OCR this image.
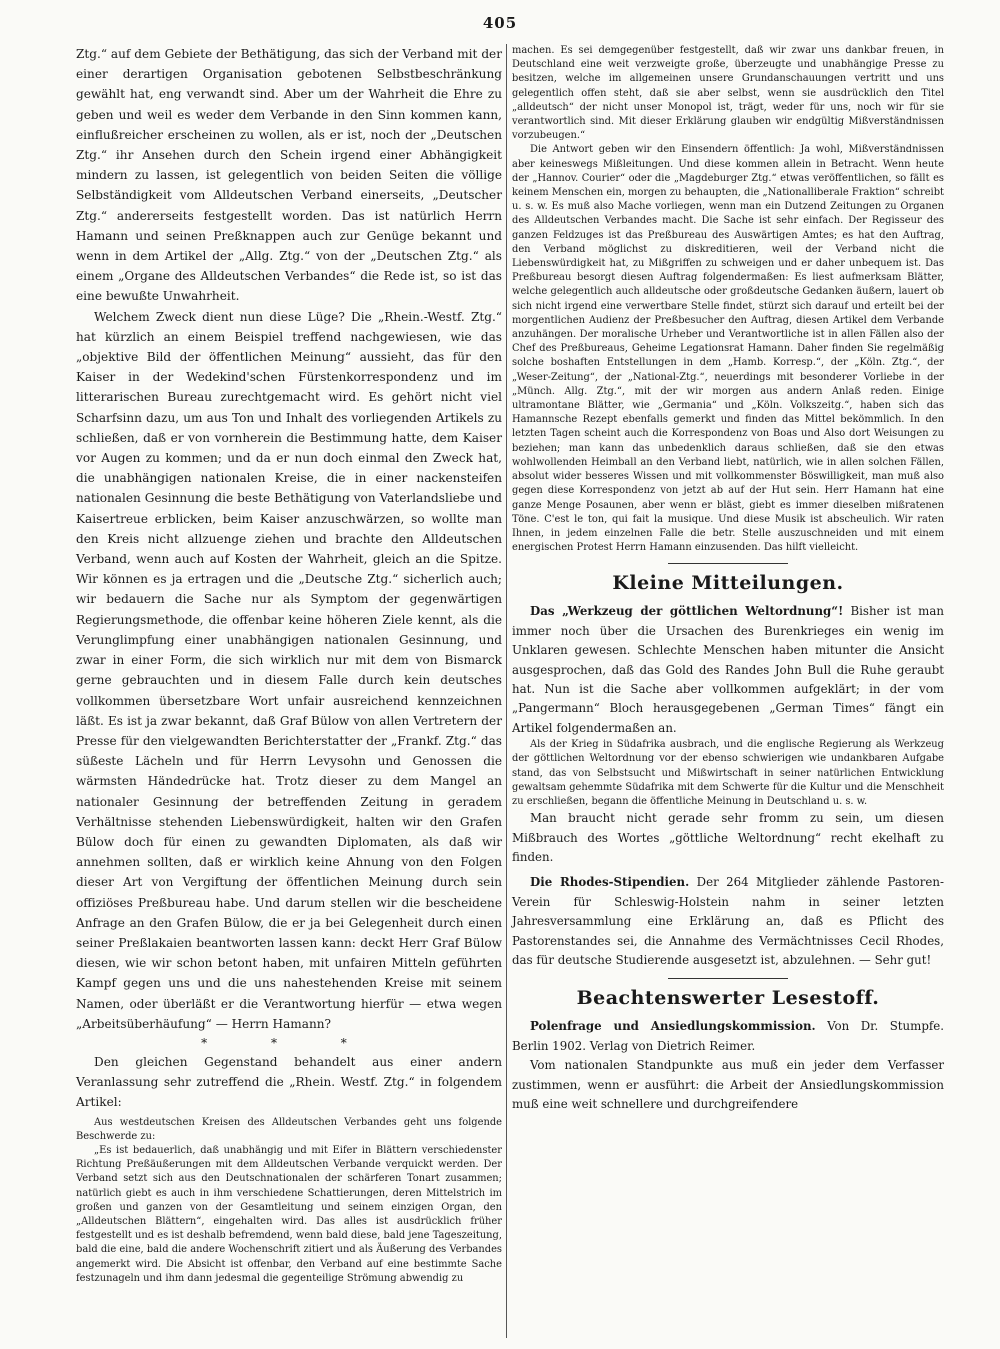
405

Ztg.“ auf dem Gebiete der Bethätigung, das sich der Verband mit der einer derartigen Organisation gebotenen Selbstbeschränkung gewählt hat, eng verwandt sind. Aber um der Wahrheit die Ehre zu geben und weil es weder dem Verbande in den Sinn kommen kann, einflußreicher erscheinen zu wollen, als er ist, noch der „Deutschen Ztg.“ ihr Ansehen durch den Schein irgend einer Abhängigkeit mindern zu lassen, ist gelegentlich von beiden Seiten die völlige Selbständigkeit vom Alldeutschen Verband einerseits, „Deutscher Ztg.“ andererseits festgestellt worden. Das ist natürlich Herrn Hamann und seinen Preßknappen auch zur Genüge bekannt und wenn in dem Artikel der „Allg. Ztg.“ von der „Deutschen Ztg.“ als einem „Organe des Alldeutschen Verbandes“ die Rede ist, so ist das eine bewußte Unwahrheit.

Welchem Zweck dient nun diese Lüge? Die „Rhein.-Westf. Ztg.“ hat kürzlich an einem Beispiel treffend nachgewiesen, wie das „objektive Bild der öffentlichen Meinung“ aussieht, das für den Kaiser in der Wedekind'schen Fürstenkorrespondenz und im litterarischen Bureau zurechtgemacht wird. Es gehört nicht viel Scharfsinn dazu, um aus Ton und Inhalt des vorliegenden Artikels zu schließen, daß er von vornherein die Bestimmung hatte, dem Kaiser vor Augen zu kommen; und da er nun doch einmal den Zweck hat, die unabhängigen nationalen Kreise, die in einer nackensteifen nationalen Gesinnung die beste Bethätigung von Vaterlandsliebe und Kaisertreue erblicken, beim Kaiser anzuschwärzen, so wollte man den Kreis nicht allzuenge ziehen und brachte den Alldeutschen Verband, wenn auch auf Kosten der Wahrheit, gleich an die Spitze. Wir können es ja ertragen und die „Deutsche Ztg.“ sicherlich auch; wir bedauern die Sache nur als Symptom der gegenwärtigen Regierungsmethode, die offenbar keine höheren Ziele kennt, als die Verunglimpfung einer unabhängigen nationalen Gesinnung, und zwar in einer Form, die sich wirklich nur mit dem von Bismarck gerne gebrauchten und in diesem Falle durch kein deutsches vollkommen übersetzbare Wort unfair ausreichend kennzeichnen läßt. Es ist ja zwar bekannt, daß Graf Bülow von allen Vertretern der Presse für den vielgewandten Berichterstatter der „Frankf. Ztg.“ das süßeste Lächeln und für Herrn Levysohn und Genossen die wärmsten Händedrücke hat. Trotz dieser zu dem Mangel an nationaler Gesinnung der betreffenden Zeitung in geradem Verhältnisse stehenden Liebenswürdigkeit, halten wir den Grafen Bülow doch für einen zu gewandten Diplomaten, als daß wir annehmen sollten, daß er wirklich keine Ahnung von den Folgen dieser Art von Vergiftung der öffentlichen Meinung durch sein offiziöses Preßbureau habe. Und darum stellen wir die bescheidene Anfrage an den Grafen Bülow, die er ja bei Gelegenheit durch einen seiner Preßlakaien beantworten lassen kann: deckt Herr Graf Bülow diesen, wie wir schon betont haben, mit unfairen Mitteln geführten Kampf gegen uns und die uns nahestehenden Kreise mit seinem Namen, oder überläßt er die Verantwortung hierfür — etwa wegen „Arbeitsüberhäufung“ — Herrn Hamann?

* * *

Den gleichen Gegenstand behandelt aus einer andern Veranlassung sehr zutreffend die „Rhein. Westf. Ztg.“ in folgendem Artikel:

Aus westdeutschen Kreisen des Alldeutschen Verbandes geht uns folgende Beschwerde zu:

„Es ist bedauerlich, daß unabhängig und mit Eifer in Blättern verschiedenster Richtung Preßäußerungen mit dem Alldeutschen Verbande verquickt werden. Der Verband setzt sich aus den Deutschnationalen der schärferen Tonart zusammen; natürlich giebt es auch in ihm verschiedene Schattierungen, deren Mittelstrich im großen und ganzen von der Gesamtleitung und seinem einzigen Organ, den „Alldeutschen Blättern“, eingehalten wird. Das alles ist ausdrücklich früher festgestellt und es ist deshalb befremdend, wenn bald diese, bald jene Tageszeitung, bald die eine, bald die andere Wochenschrift zitiert und als Äußerung des Verbandes angemerkt wird. Die Absicht ist offenbar, den Verband auf eine bestimmte Sache festzunageln und ihm dann jedesmal die gegenteilige Strömung abwendig zu

machen. Es sei demgegenüber festgestellt, daß wir zwar uns dankbar freuen, in Deutschland eine weit verzweigte große, überzeugte und unabhängige Presse zu besitzen, welche im allgemeinen unsere Grundanschauungen vertritt und uns gelegentlich offen steht, daß sie aber selbst, wenn sie ausdrücklich den Titel „alldeutsch“ der nicht unser Monopol ist, trägt, weder für uns, noch wir für sie verantwortlich sind. Mit dieser Erklärung glauben wir endgültig Mißverständnissen vorzubeugen.“

Die Antwort geben wir den Einsendern öffentlich: Ja wohl, Mißverständnissen aber keineswegs Mißleitungen. Und diese kommen allein in Betracht. Wenn heute der „Hannov. Courier“ oder die „Magdeburger Ztg.“ etwas veröffentlichen, so fällt es keinem Menschen ein, morgen zu behaupten, die „Nationalliberale Fraktion“ schreibt u. s. w. Es muß also Mache vorliegen, wenn man ein Dutzend Zeitungen zu Organen des Alldeutschen Verbandes macht. Die Sache ist sehr einfach. Der Regisseur des ganzen Feldzuges ist das Preßbureau des Auswärtigen Amtes; es hat den Auftrag, den Verband möglichst zu diskreditieren, weil der Verband nicht die Liebenswürdigkeit hat, zu Mißgriffen zu schweigen und er daher unbequem ist. Das Preßbureau besorgt diesen Auftrag folgendermaßen: Es liest aufmerksam Blätter, welche gelegentlich auch alldeutsche oder großdeutsche Gedanken äußern, lauert ob sich nicht irgend eine verwertbare Stelle findet, stürzt sich darauf und erteilt bei der morgentlichen Audienz der Preßbesucher den Auftrag, diesen Artikel dem Verbande anzuhängen. Der moralische Urheber und Verantwortliche ist in allen Fällen also der Chef des Preßbureaus, Geheime Legationsrat Hamann. Daher finden Sie regelmäßig solche boshaften Entstellungen in dem „Hamb. Korresp.“, der „Köln. Ztg.“, der „Weser-Zeitung“, der „National-Ztg.“, neuerdings mit besonderer Vorliebe in der „Münch. Allg. Ztg.“, mit der wir morgen aus andern Anlaß reden. Einige ultramontane Blätter, wie „Germania“ und „Köln. Volkszeitg.“, haben sich das Hamannsche Rezept ebenfalls gemerkt und finden das Mittel bekömmlich. In den letzten Tagen scheint auch die Korrespondenz von Boas und Also dort Weisungen zu beziehen; man kann das unbedenklich daraus schließen, daß sie den etwas wohlwollenden Heimball an den Verband liebt, natürlich, wie in allen solchen Fällen, absolut wider besseres Wissen und mit vollkommenster Böswilligkeit, man muß also gegen diese Korrespondenz von jetzt ab auf der Hut sein. Herr Hamann hat eine ganze Menge Posaunen, aber wenn er bläst, giebt es immer dieselben mißratenen Töne. C'est le ton, qui fait la musique. Und diese Musik ist abscheulich. Wir raten Ihnen, in jedem einzelnen Falle die betr. Stelle auszuschneiden und mit einem energischen Protest Herrn Hamann einzusenden. Das hilft vielleicht.

Kleine Mitteilungen.

Das „Werkzeug der göttlichen Weltordnung“! Bisher ist man immer noch über die Ursachen des Burenkrieges ein wenig im Unklaren gewesen. Schlechte Menschen haben mitunter die Ansicht ausgesprochen, daß das Gold des Randes John Bull die Ruhe geraubt hat. Nun ist die Sache aber vollkommen aufgeklärt; in der vom „Pangermann“ Bloch herausgegebenen „German Times“ fängt ein Artikel folgendermaßen an.

Als der Krieg in Südafrika ausbrach, und die englische Regierung als Werkzeug der göttlichen Weltordnung vor der ebenso schwierigen wie undankbaren Aufgabe stand, das von Selbstsucht und Mißwirtschaft in seiner natürlichen Entwicklung gewaltsam gehemmte Südafrika mit dem Schwerte für die Kultur und die Menschheit zu erschließen, begann die öffentliche Meinung in Deutschland u. s. w.

Man braucht nicht gerade sehr fromm zu sein, um diesen Mißbrauch des Wortes „göttliche Weltordnung“ recht ekelhaft zu finden.

Die Rhodes-Stipendien. Der 264 Mitglieder zählende Pastoren-Verein für Schleswig-Holstein nahm in seiner letzten Jahresversammlung eine Erklärung an, daß es Pflicht des Pastorenstandes sei, die Annahme des Vermächtnisses Cecil Rhodes, das für deutsche Studierende ausgesetzt ist, abzulehnen. — Sehr gut!

Beachtenswerter Lesestoff.

Polenfrage und Ansiedlungskommission. Von Dr. Stumpfe. Berlin 1902. Verlag von Dietrich Reimer.

Vom nationalen Standpunkte aus muß ein jeder dem Verfasser zustimmen, wenn er ausführt: die Arbeit der Ansiedlungskommission muß eine weit schnellere und durchgreifendere
